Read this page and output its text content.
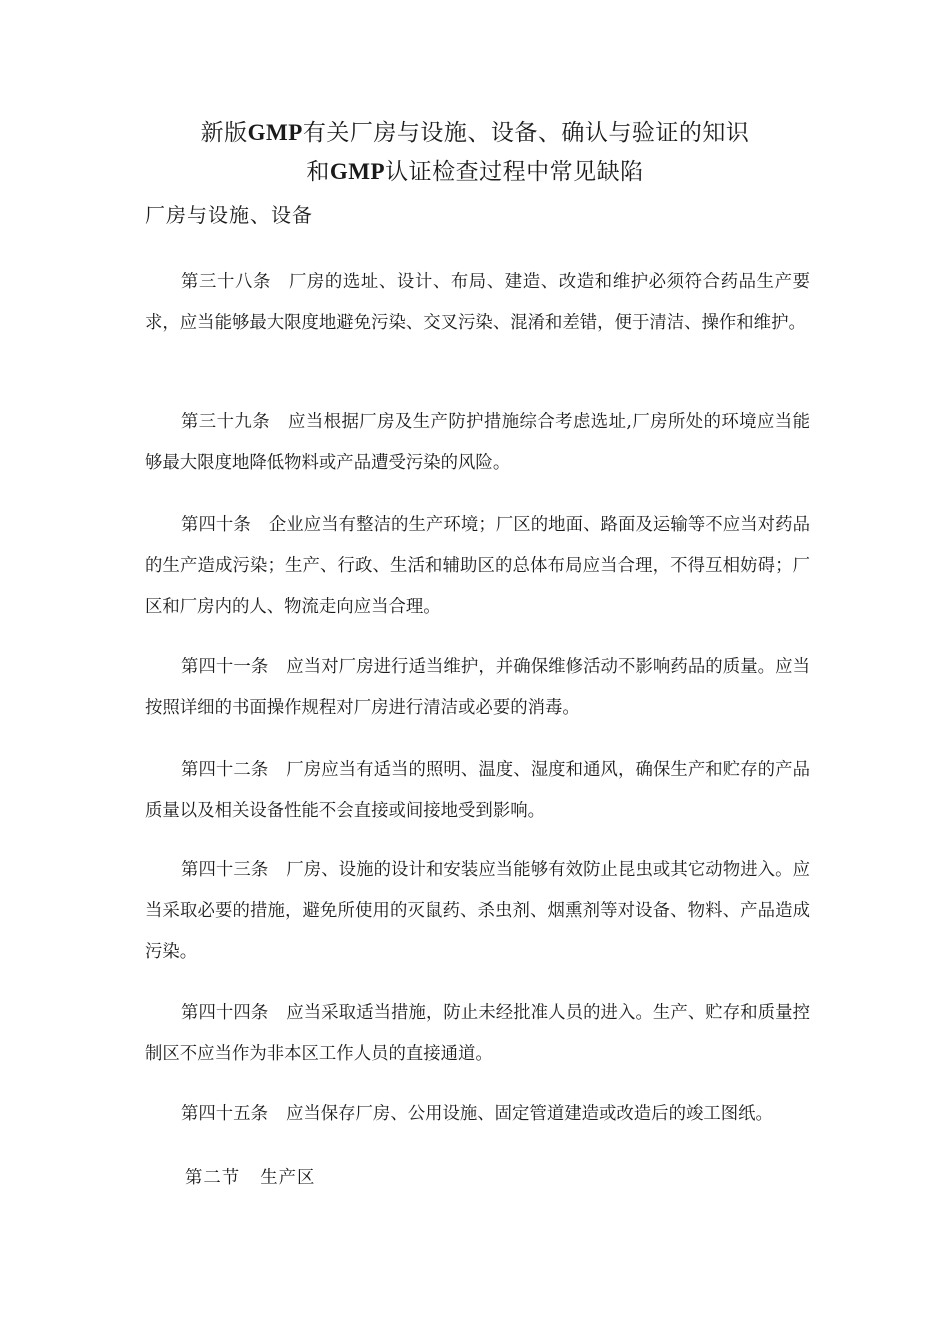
新版GMP有关厂房与设施、设备、确认与验证的知识
和GMP认证检查过程中常见缺陷
厂房与设施、设备

第三十八条 厂房的选址、设计、布局、建造、改造和维护必须符合药品生产要求，应当能够最大限度地避免污染、交叉污染、混淆和差错，便于清洁、操作和维护。

第三十九条 应当根据厂房及生产防护措施综合考虑选址,厂房所处的环境应当能够最大限度地降低物料或产品遭受污染的风险。

第四十条 企业应当有整洁的生产环境；厂区的地面、路面及运输等不应当对药品的生产造成污染；生产、行政、生活和辅助区的总体布局应当合理，不得互相妨碍；厂区和厂房内的人、物流走向应当合理。

第四十一条 应当对厂房进行适当维护，并确保维修活动不影响药品的质量。应当按照详细的书面操作规程对厂房进行清洁或必要的消毒。

第四十二条 厂房应当有适当的照明、温度、湿度和通风，确保生产和贮存的产品质量以及相关设备性能不会直接或间接地受到影响。

第四十三条 厂房、设施的设计和安装应当能够有效防止昆虫或其它动物进入。应当采取必要的措施，避免所使用的灭鼠药、杀虫剂、烟熏剂等对设备、物料、产品造成污染。

第四十四条 应当采取适当措施，防止未经批准人员的进入。生产、贮存和质量控制区不应当作为非本区工作人员的直接通道。

第四十五条 应当保存厂房、公用设施、固定管道建造或改造后的竣工图纸。

第二节 生产区
